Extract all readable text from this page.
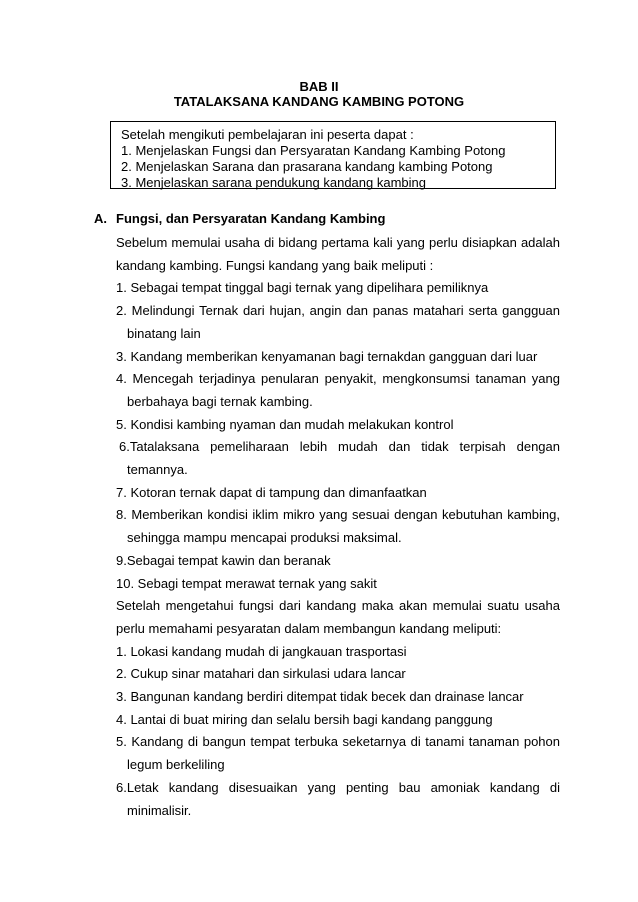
BAB II
TATALAKSANA KANDANG KAMBING POTONG
Setelah mengikuti pembelajaran ini peserta dapat :
1. Menjelaskan Fungsi dan Persyaratan Kandang Kambing Potong
2. Menjelaskan Sarana dan prasarana kandang kambing Potong
3. Menjelaskan sarana pendukung kandang kambing
A. Fungsi, dan Persyaratan Kandang Kambing
Sebelum memulai usaha di bidang pertama kali yang perlu disiapkan adalah
kandang kambing. Fungsi kandang yang baik meliputi :
1. Sebagai tempat tinggal bagi ternak yang dipelihara pemiliknya
2. Melindungi Ternak dari hujan, angin dan panas matahari serta gangguan
binatang lain
3. Kandang memberikan kenyamanan bagi ternakdan gangguan dari luar
4. Mencegah terjadinya penularan penyakit, mengkonsumsi tanaman yang
berbahaya bagi ternak kambing.
5. Kondisi kambing nyaman dan mudah melakukan kontrol
6.Tatalaksana pemeliharaan lebih mudah dan tidak terpisah dengan
temannya.
7. Kotoran ternak dapat di tampung dan dimanfaatkan
8. Memberikan kondisi iklim mikro yang sesuai dengan kebutuhan kambing,
sehingga mampu mencapai produksi maksimal.
9.Sebagai tempat kawin dan beranak
10. Sebagi tempat merawat ternak yang sakit
Setelah mengetahui fungsi dari kandang maka akan memulai suatu usaha
perlu memahami pesyaratan dalam membangun kandang meliputi:
1. Lokasi kandang mudah di jangkauan trasportasi
2. Cukup sinar matahari dan sirkulasi udara lancar
3. Bangunan kandang berdiri ditempat tidak becek dan drainase lancar
4. Lantai di buat miring dan selalu bersih bagi kandang panggung
5. Kandang di bangun tempat terbuka seketarnya di tanami tanaman pohon
legum berkeliling
6.Letak kandang disesuaikan yang penting bau amoniak kandang di
minimalisir.
